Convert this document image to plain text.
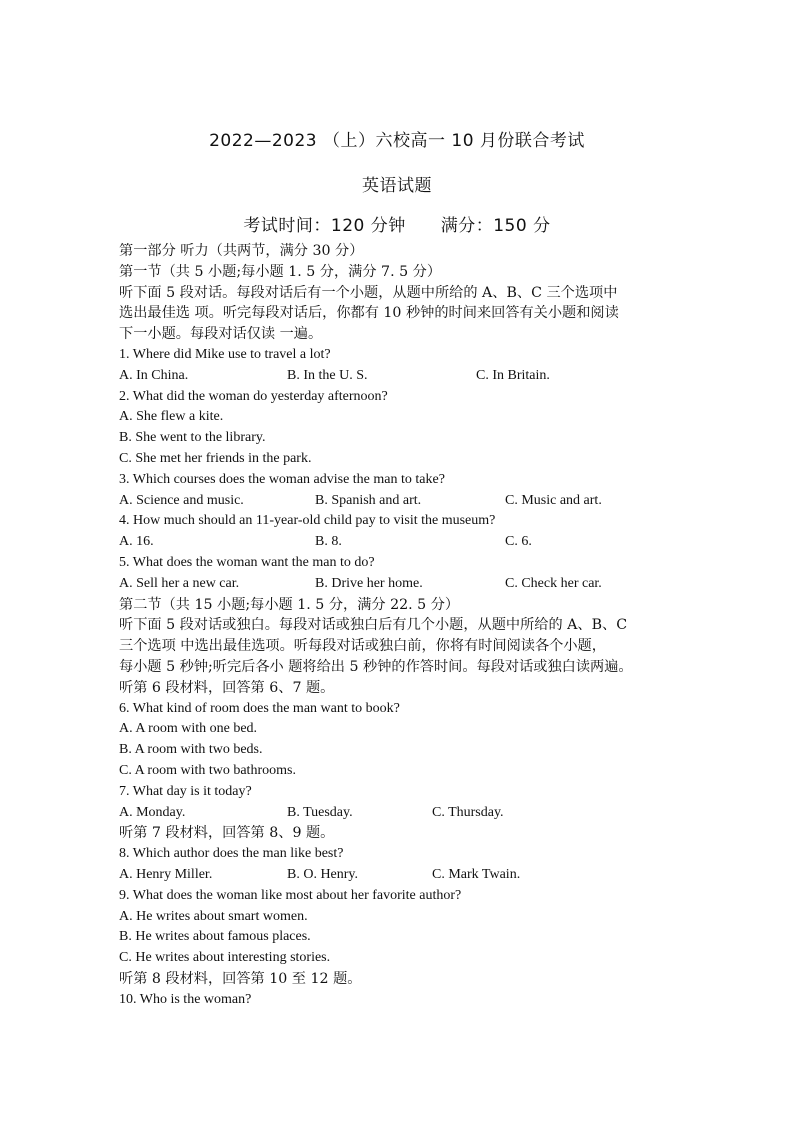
2022—2023 （上）六校高一 10 月份联合考试
英语试题
考试时间：120 分钟　　满分：150 分
第一部分 听力（共两节，满分 30 分）
第一节（共 5 小题;每小题 1. 5 分，满分 7. 5 分）
听下面 5 段对话。每段对话后有一个小题，从题中所给的 A、B、C 三个选项中
选出最佳选 项。听完每段对话后，你都有 10 秒钟的时间来回答有关小题和阅读
下一小题。每段对话仅读 一遍。
1. Where did Mike use to travel a lot?
A. In China.	B. In the U. S.	C. In Britain.
2. What did the woman do yesterday afternoon?
A. She flew a kite.
B. She went to the library.
C. She met her friends in the park.
3. Which courses does the woman advise the man to take?
A. Science and music.	B. Spanish and art.	C. Music and art.
4. How much should an 11-year-old child pay to visit the museum?
A. 16.	B. 8.	C. 6.
5. What does the woman want the man to do?
A. Sell her a new car.	B. Drive her home.	C. Check her car.
第二节（共 15 小题;每小题 1. 5 分，满分 22. 5 分）
听下面 5 段对话或独白。每段对话或独白后有几个小题，从题中所给的 A、B、C
三个选项 中选出最佳选项。听每段对话或独白前，你将有时间阅读各个小题，
每小题 5 秒钟;听完后各小 题将给出 5 秒钟的作答时间。每段对话或独白读两遍。
听第 6 段材料，回答第 6、7 题。
6. What kind of room does the man want to book?
A. A room with one bed.
B. A room with two beds.
C. A room with two bathrooms.
7. What day is it today?
A. Monday.	B. Tuesday.	C. Thursday.
听第 7 段材料，回答第 8、9 题。
8. Which author does the man like best?
A. Henry Miller.	B. O. Henry.	C. Mark Twain.
9. What does the woman like most about her favorite author?
A. He writes about smart women.
B. He writes about famous places.
C. He writes about interesting stories.
听第 8 段材料，回答第 10 至 12 题。
10. Who is the woman?
